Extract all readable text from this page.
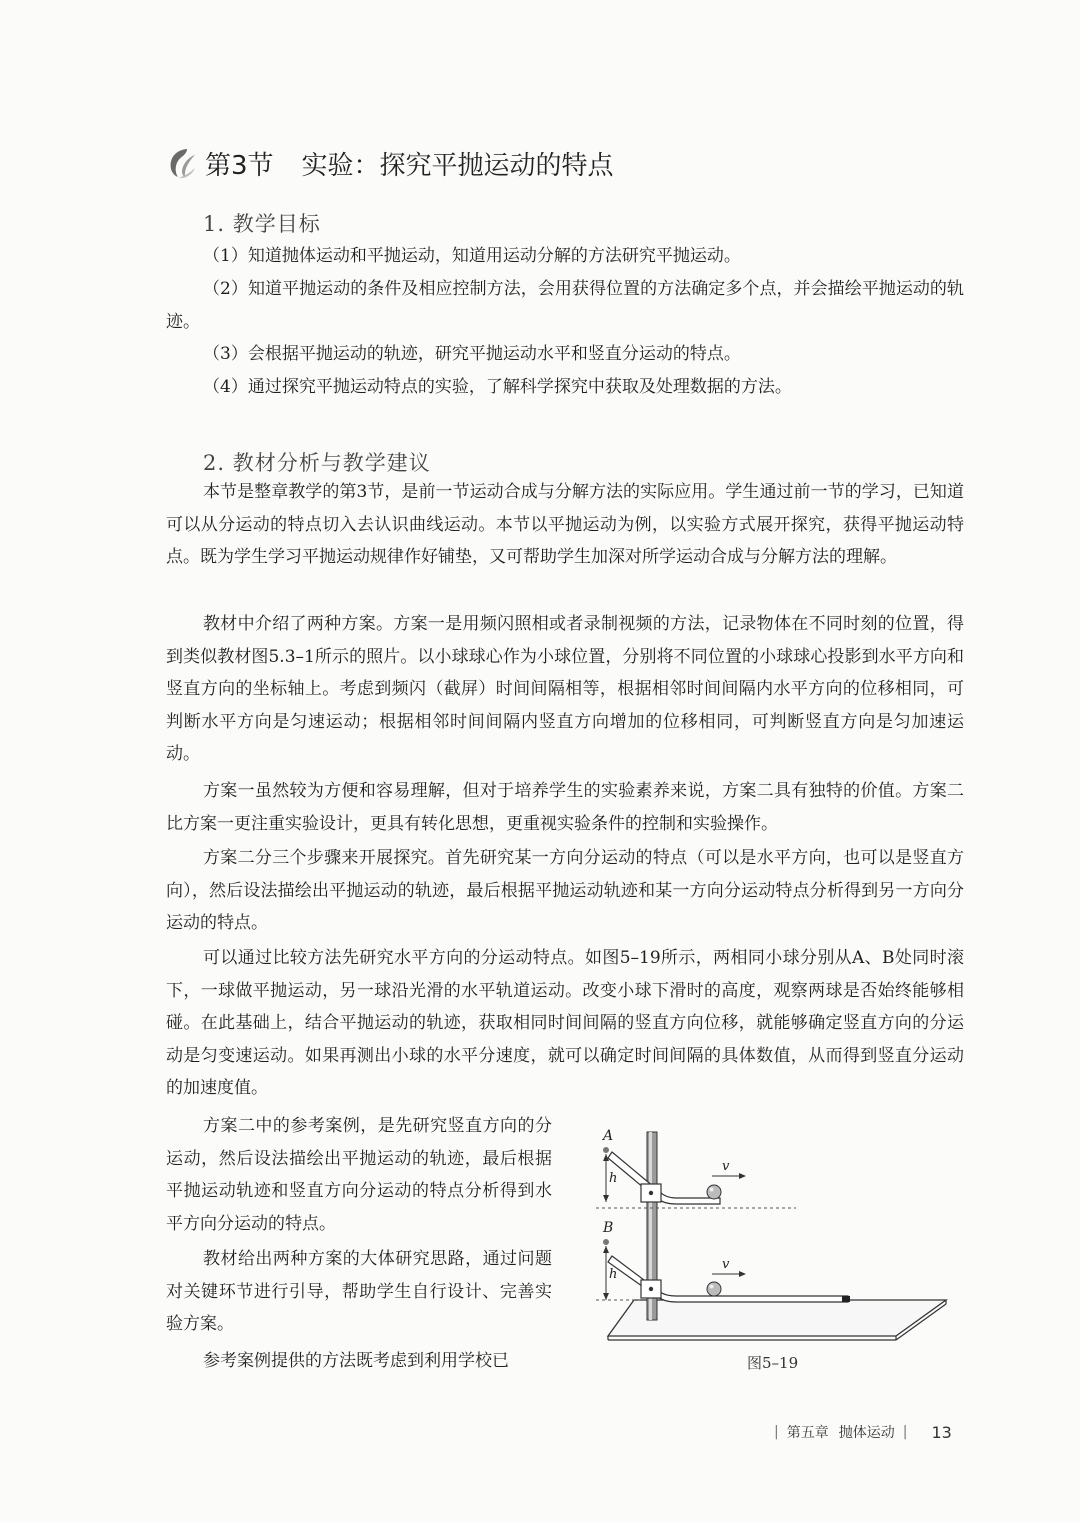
第3节 实验：探究平抛运动的特点
1. 教学目标

（1）知道抛体运动和平抛运动，知道用运动分解的方法研究平抛运动。

（2）知道平抛运动的条件及相应控制方法，会用获得位置的方法确定多个点，并会描绘平抛运动的轨迹。

（3）会根据平抛运动的轨迹，研究平抛运动水平和竖直分运动的特点。

（4）通过探究平抛运动特点的实验，了解科学探究中获取及处理数据的方法。

2. 教材分析与教学建议

本节是整章教学的第3节，是前一节运动合成与分解方法的实际应用。学生通过前一节的学习，已知道可以从分运动的特点切入去认识曲线运动。本节以平抛运动为例，以实验方式展开探究，获得平抛运动特点。既为学生学习平抛运动规律作好铺垫，又可帮助学生加深对所学运动合成与分解方法的理解。

教材中介绍了两种方案。方案一是用频闪照相或者录制视频的方法，记录物体在不同时刻的位置，得到类似教材图5.3–1所示的照片。以小球球心作为小球位置，分别将不同位置的小球球心投影到水平方向和竖直方向的坐标轴上。考虑到频闪（截屏）时间间隔相等，根据相邻时间间隔内水平方向的位移相同，可判断水平方向是匀速运动；根据相邻时间间隔内竖直方向增加的位移相同，可判断竖直方向是匀加速运动。

方案一虽然较为方便和容易理解，但对于培养学生的实验素养来说，方案二具有独特的价值。方案二比方案一更注重实验设计，更具有转化思想，更重视实验条件的控制和实验操作。

方案二分三个步骤来开展探究。首先研究某一方向分运动的特点（可以是水平方向，也可以是竖直方向），然后设法描绘出平抛运动的轨迹，最后根据平抛运动轨迹和某一方向分运动特点分析得到另一方向分运动的特点。

可以通过比较方法先研究水平方向的分运动特点。如图5–19所示，两相同小球分别从A、B处同时滚下，一球做平抛运动，另一球沿光滑的水平轨道运动。改变小球下滑时的高度，观察两球是否始终能够相碰。在此基础上，结合平抛运动的轨迹，获取相同时间间隔的竖直方向位移，就能够确定竖直方向的分运动是匀变速运动。如果再测出小球的水平分速度，就可以确定时间间隔的具体数值，从而得到竖直分运动的加速度值。

方案二中的参考案例，是先研究竖直方向的分运动，然后设法描绘出平抛运动的轨迹，最后根据平抛运动轨迹和竖直方向分运动的特点分析得到水平方向分运动的特点。

教材给出两种方案的大体研究思路，通过问题对关键环节进行引导，帮助学生自行设计、完善实验方案。

参考案例提供的方法既考虑到利用学校已

A
B
h
h
v
v
图5–19
| 第五章 抛体运动 | 13
